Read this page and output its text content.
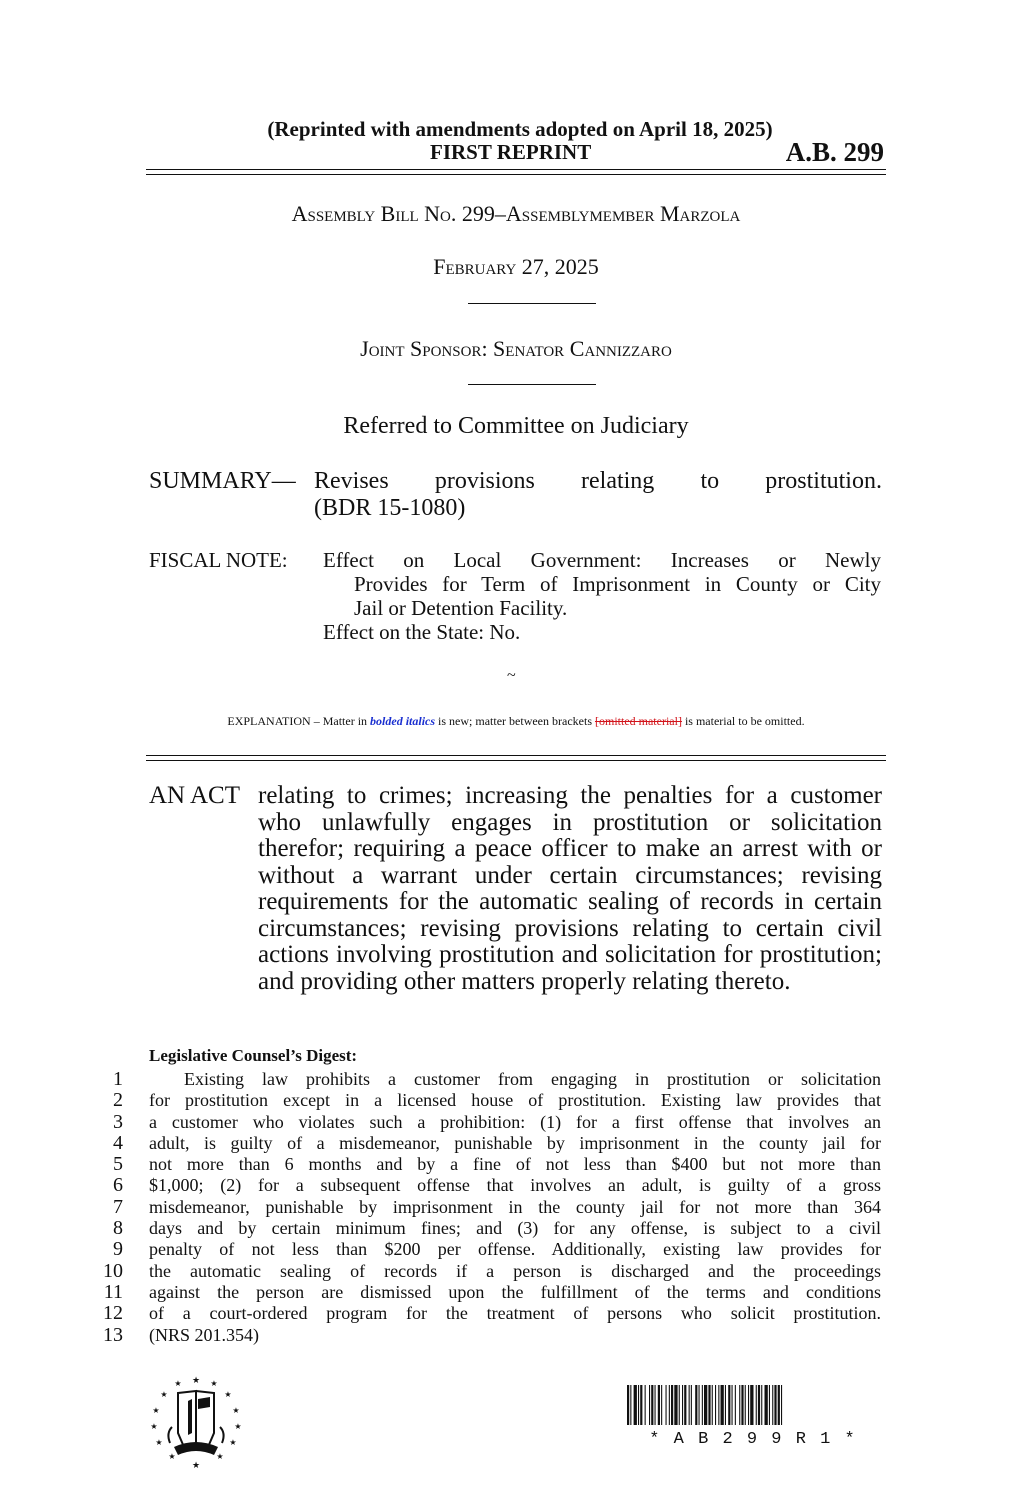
(Reprinted with amendments adopted on April 18, 2025)
FIRST REPRINT	A.B. 299
Assembly Bill No. 299–Assemblymember Marzola
February 27, 2025
Joint Sponsor: Senator Cannizzaro
Referred to Committee on Judiciary
SUMMARY— Revises provisions relating to prostitution.
(BDR 15-1080)
FISCAL NOTE: Effect on Local Government: Increases or Newly
Provides for Term of Imprisonment in County or City
Jail or Detention Facility.
Effect on the State: No.
~
EXPLANATION – Matter in bolded italics is new; matter between brackets [omitted material] is material to be omitted.
AN ACT relating to crimes; increasing the penalties for a customer
who unlawfully engages in prostitution or solicitation therefor; requiring a peace officer to make an arrest with or without a warrant under certain circumstances; revising requirements for the automatic sealing of records in certain circumstances; revising provisions relating to certain civil actions involving prostitution and solicitation for prostitution; and providing other matters properly relating thereto.
Legislative Counsel’s Digest:
1	Existing law prohibits a customer from engaging in prostitution or solicitation
2 for prostitution except in a licensed house of prostitution. Existing law provides that
3 a customer who violates such a prohibition: (1) for a first offense that involves an
4 adult, is guilty of a misdemeanor, punishable by imprisonment in the county jail for
5 not more than 6 months and by a fine of not less than $400 but not more than
6 $1,000; (2) for a subsequent offense that involves an adult, is guilty of a gross
7 misdemeanor, punishable by imprisonment in the county jail for not more than 364
8 days and by certain minimum fines; and (3) for any offense, is subject to a civil
9 penalty of not less than $200 per offense. Additionally, existing law provides for
10 the automatic sealing of records if a person is discharged and the proceedings
11 against the person are dismissed upon the fulfillment of the terms and conditions
12 of a court-ordered program for the treatment of persons who solicit prostitution.
13 (NRS 201.354)
★
★	★
★	★
★	★
★	★
★	★
★	★
★
* A B 2 9 9 R 1 *
